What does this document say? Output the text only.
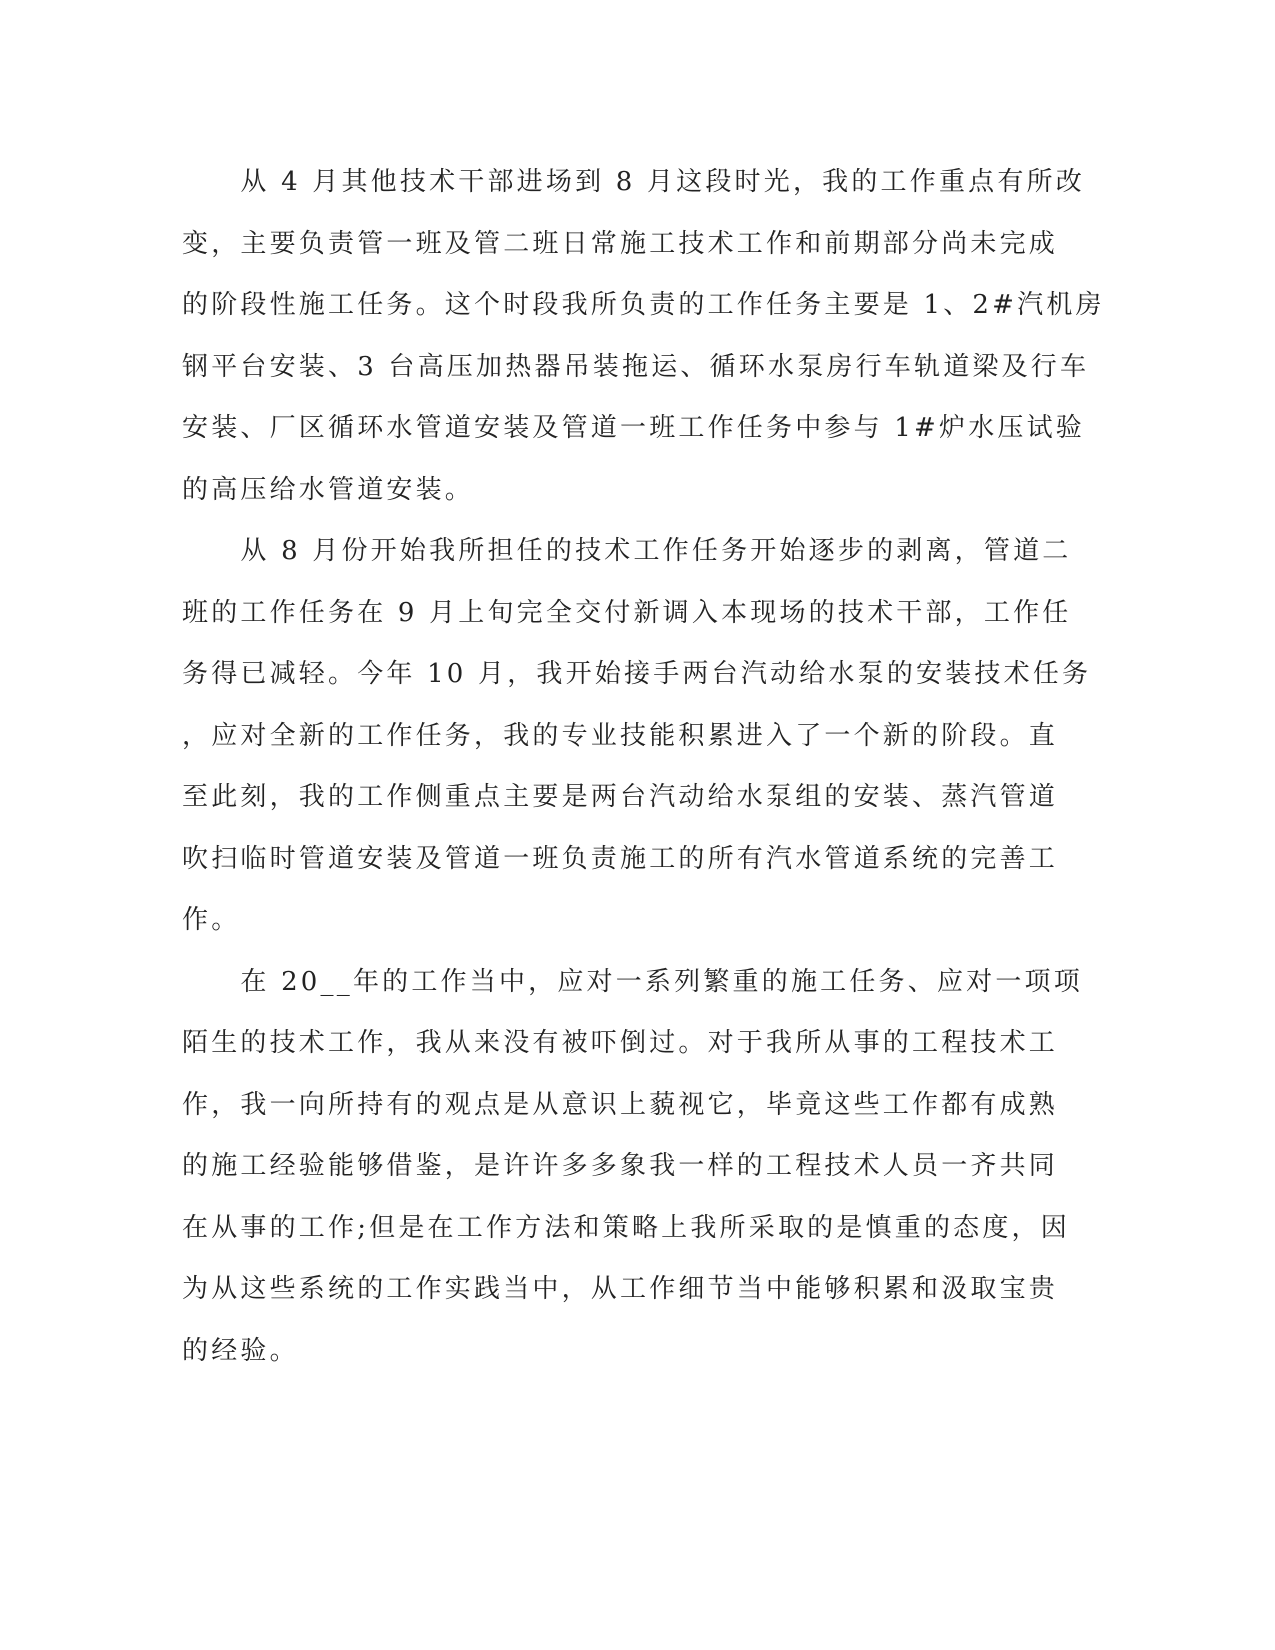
　　从 4 月其他技术干部进场到 8 月这段时光，我的工作重点有所改
变，主要负责管一班及管二班日常施工技术工作和前期部分尚未完成
的阶段性施工任务。这个时段我所负责的工作任务主要是 1、2#汽机房
钢平台安装、3 台高压加热器吊装拖运、循环水泵房行车轨道梁及行车
安装、厂区循环水管道安装及管道一班工作任务中参与 1#炉水压试验
的高压给水管道安装。
　　从 8 月份开始我所担任的技术工作任务开始逐步的剥离，管道二
班的工作任务在 9 月上旬完全交付新调入本现场的技术干部，工作任
务得已减轻。今年 10 月，我开始接手两台汽动给水泵的安装技术任务
，应对全新的工作任务，我的专业技能积累进入了一个新的阶段。直
至此刻，我的工作侧重点主要是两台汽动给水泵组的安装、蒸汽管道
吹扫临时管道安装及管道一班负责施工的所有汽水管道系统的完善工
作。
　　在 20__年的工作当中，应对一系列繁重的施工任务、应对一项项
陌生的技术工作，我从来没有被吓倒过。对于我所从事的工程技术工
作，我一向所持有的观点是从意识上藐视它，毕竟这些工作都有成熟
的施工经验能够借鉴，是许许多多象我一样的工程技术人员一齐共同
在从事的工作;但是在工作方法和策略上我所采取的是慎重的态度，因
为从这些系统的工作实践当中，从工作细节当中能够积累和汲取宝贵
的经验。
